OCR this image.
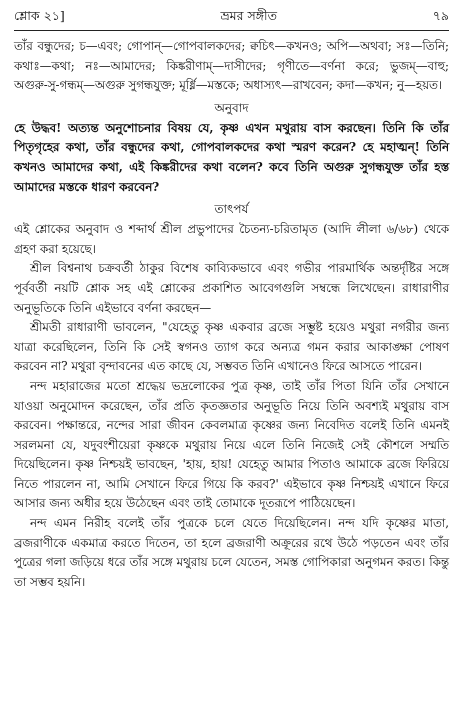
শ্লোক ২১]	ভ্রমর সঙ্গীত	৭৯

তাঁর বন্ধুদের; চ—এবং; গোপান্—গোপবালকদের; ক্বচিৎ—কখনও; অপি—অথবা; সঃ—তিনি; কথাঃ—কথা; নঃ—আমাদের; কিঙ্করীণাম্—দাসীদের; গৃণীতে—বর্ণনা করে; ভুজম্—বাহু; অগুরু-সু-গন্ধম্—অগুরু সুগন্ধযুক্ত; মূর্ধ্নি—মস্তকে; অধাস্যৎ—রাখবেন; কদা—কখন; নু—হয়ত।

অনুবাদ

হে উদ্ধব! অত্যন্ত অনুশোচনার বিষয় যে, কৃষ্ণ এখন মথুরায় বাস করছেন। তিনি কি তাঁর পিতৃগৃহের কথা, তাঁর বন্ধুদের কথা, গোপবালকদের কথা স্মরণ করেন? হে মহাত্মন্! তিনি কখনও আমাদের কথা, এই কিঙ্করীদের কথা বলেন? কবে তিনি অগুরু সুগন্ধযুক্ত তাঁর হস্ত আমাদের মস্তকে ধারণ করবেন?

তাৎপর্য

এই শ্লোকের অনুবাদ ও শব্দার্থ শ্রীল প্রভুপাদের চৈতন্য-চরিতামৃত (আদি লীলা ৬/৬৮) থেকে গ্রহণ করা হয়েছে।

শ্রীল বিশ্বনাথ চক্রবর্তী ঠাকুর বিশেষ কাব্যিকভাবে এবং গভীর পারমার্থিক অন্তর্দৃষ্টির সঙ্গে পূর্ববর্তী নয়টি শ্লোক সহ এই শ্লোকের প্রকাশিত আবেগগুলি সম্বন্ধে লিখেছেন। রাধারাণীর অনুভূতিকে তিনি এইভাবে বর্ণনা করছেন—

শ্রীমতী রাধারাণী ভাবলেন, "যেহেতু কৃষ্ণ একবার ব্রজে সম্ভুষ্ট হয়েও মথুরা নগরীর জন্য যাত্রা করেছিলেন, তিনি কি সেই স্বগনও ত্যাগ করে অন্যত্র গমন করার আকাঙ্ক্ষা পোষণ করবেন না? মথুরা বৃন্দাবনের এত কাছে যে, সম্ভবত তিনি এখানেও ফিরে আসতে পারেন।

নন্দ মহারাজের মতো শ্রদ্ধেয় ভদ্রলোকের পুত্র কৃষ্ণ, তাই তাঁর পিতা যিনি তাঁর সেখানে যাওয়া অনুমোদন করেছেন, তাঁর প্রতি কৃতজ্ঞতার অনুভূতি নিয়ে তিনি অবশ্যই মথুরায় বাস করবেন। পক্ষান্তরে, নন্দের সারা জীবন কেবলমাত্র কৃষ্ণের জন্য নিবেদিত বলেই তিনি এমনই সরলমনা যে, যদুবংশীয়েরা কৃষ্ণকে মথুরায় নিয়ে এলে তিনি নিজেই সেই কৌশলে সম্মতি দিয়েছিলেন। কৃষ্ণ নিশ্চয়ই ভাবছেন, 'হায়, হায়! যেহেতু আমার পিতাও আমাকে ব্রজে ফিরিয়ে নিতে পারলেন না, আমি সেখানে ফিরে গিয়ে কি করব?' এইভাবে কৃষ্ণ নিশ্চয়ই এখানে ফিরে আসার জন্য অধীর হয়ে উঠেছেন এবং তাই তোমাকে দূতরূপে পাঠিয়েছেন।

নন্দ এমন নিরীহ বলেই তাঁর পুত্রকে চলে যেতে দিয়েছিলেন। নন্দ যদি কৃষ্ণের মাতা, ব্রজরাণীকে একমাত্র করতে দিতেন, তা হলে ব্রজরাণী অক্রূরের রথে উঠে পড়তেন এবং তাঁর পুত্রের গলা জড়িয়ে ধরে তাঁর সঙ্গে মথুরায় চলে যেতেন, সমস্ত গোপিকারা অনুগমন করত। কিন্তু তা সম্ভব হয়নি।
